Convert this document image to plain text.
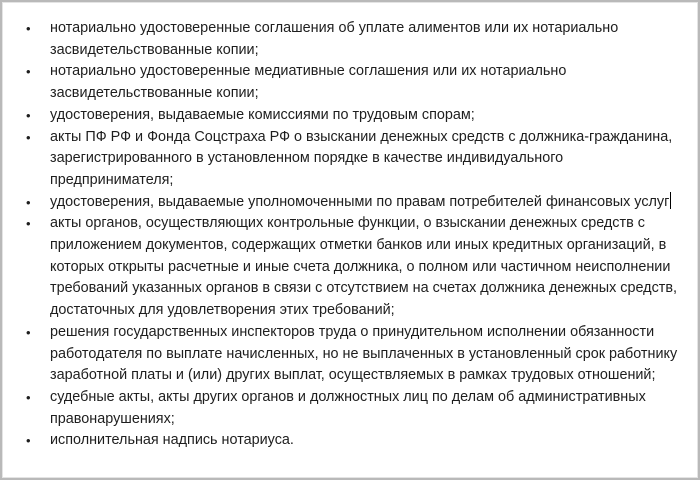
•	нотариально удостоверенные соглашения об уплате алиментов или их нотариально засвидетельствованные копии;
•	нотариально удостоверенные медиативные соглашения или их нотариально засвидетельствованные копии;
•	удостоверения, выдаваемые комиссиями по трудовым спорам;
•	акты ПФ РФ и Фонда Соцстраха РФ о взыскании денежных средств с должника-гражданина, зарегистрированного в установленном порядке в качестве индивидуального предпринимателя;
•	удостоверения, выдаваемые уполномоченными по правам потребителей финансовых услуг
•	акты органов, осуществляющих контрольные функции, о взыскании денежных средств с приложением документов, содержащих отметки банков или иных кредитных организаций, в которых открыты расчетные и иные счета должника, о полном или частичном неисполнении требований указанных органов в связи с отсутствием на счетах должника денежных средств, достаточных для удовлетворения этих требований;
•	решения государственных инспекторов труда о принудительном исполнении обязанности работодателя по выплате начисленных, но не выплаченных в установленный срок работнику заработной платы и (или) других выплат, осуществляемых в рамках трудовых отношений;
•	судебные акты, акты других органов и должностных лиц по делам об административных правонарушениях;
•	исполнительная надпись нотариуса.
